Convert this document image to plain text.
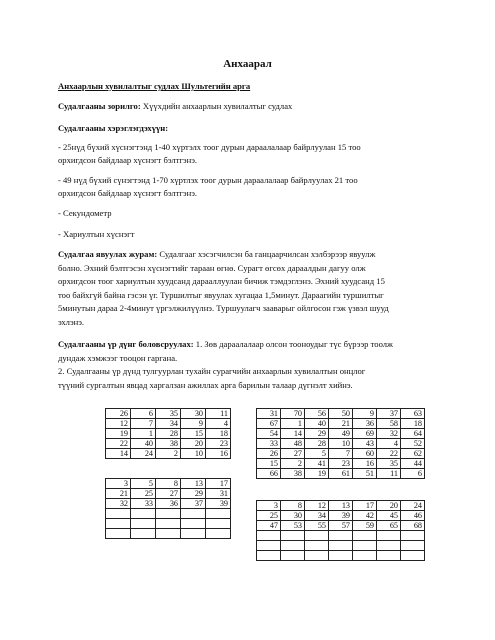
Анхаарал
Анхаарлын хувилалтыг судлах Шультегийн арга
Судалгааны зорилго: Хүүхдийн анхаарлын хувилалтыг судлах
Судалгааны хэрэглэгдэхүүн:
- 25нүд бүхий хүснэгтэнд 1-40 хүртэлх тоог дурын дараалалаар байрлуулан 15 тоо
орхигдсон байдлаар хүснэгт бэлтгэнэ.
- 49 нүд бүхий сүнэгтэнд 1-70 хүртлэх тоог дурын дараалалаар байрлуулах 21 тоо
орхигдсон байдлаар хүснэгт бэлтгэнэ.
- Секундометр
- Хариултын хүснэгт
Судалгаа явуулах журам: Судалгааг хэсэгчилсэн ба ганцаарчилсан хэлбэрээр явуулж
болно. Эхний бэлтгэсэн хүснэгтийг тараан өгнө. Сурагт өгсөх дараалдын дагуу олж
орхигдсон тоог хариултын хуудсанд дарааллуулан бичиж тэмдэглэнэ. Эхний хуудсанд 15
тоо байхгүй байна гэсэн үг. Туршилтыг явуулах хугацаа 1,5минут. Дараагийн туршилтыг
5минутын дараа 2-4минут үргэлжилүүлнэ. Туршуулагч зааварыг ойлгосон гэж үзвэл шууд
эхлэнэ.
Судалгааны үр дүнг боловсруулах: 1. Зөв дараалалаар олсон тооноудыг түс бүрээр тоолж
дундаж хэмжээг тооцон гаргана.
2. Судалгааны үр дүнд тулгуурлан тухайн сурагчийн анхаарлын хувилалтын онцлог
түүний сургалтын явцад харгалзан ажиллах арга барилын талаар дүгнэлт хийнэ.
26	6	35	30	11
12	7	34	9	4
19	1	28	15	18
22	40	38	20	23
14	24	2	10	16
3	5	8	13	17
21	25	27	29	31
32	33	36	37	39

31	70	56	50	9	37	63
67	1	40	21	36	58	18
54	14	29	49	69	32	64
33	48	28	10	43	4	52
26	27	5	7	60	22	62
15	2	41	23	16	35	44
66	38	19	61	51	11	6
3	8	12	13	17	20	24
25	30	34	39	42	45	46
47	53	55	57	59	65	68
